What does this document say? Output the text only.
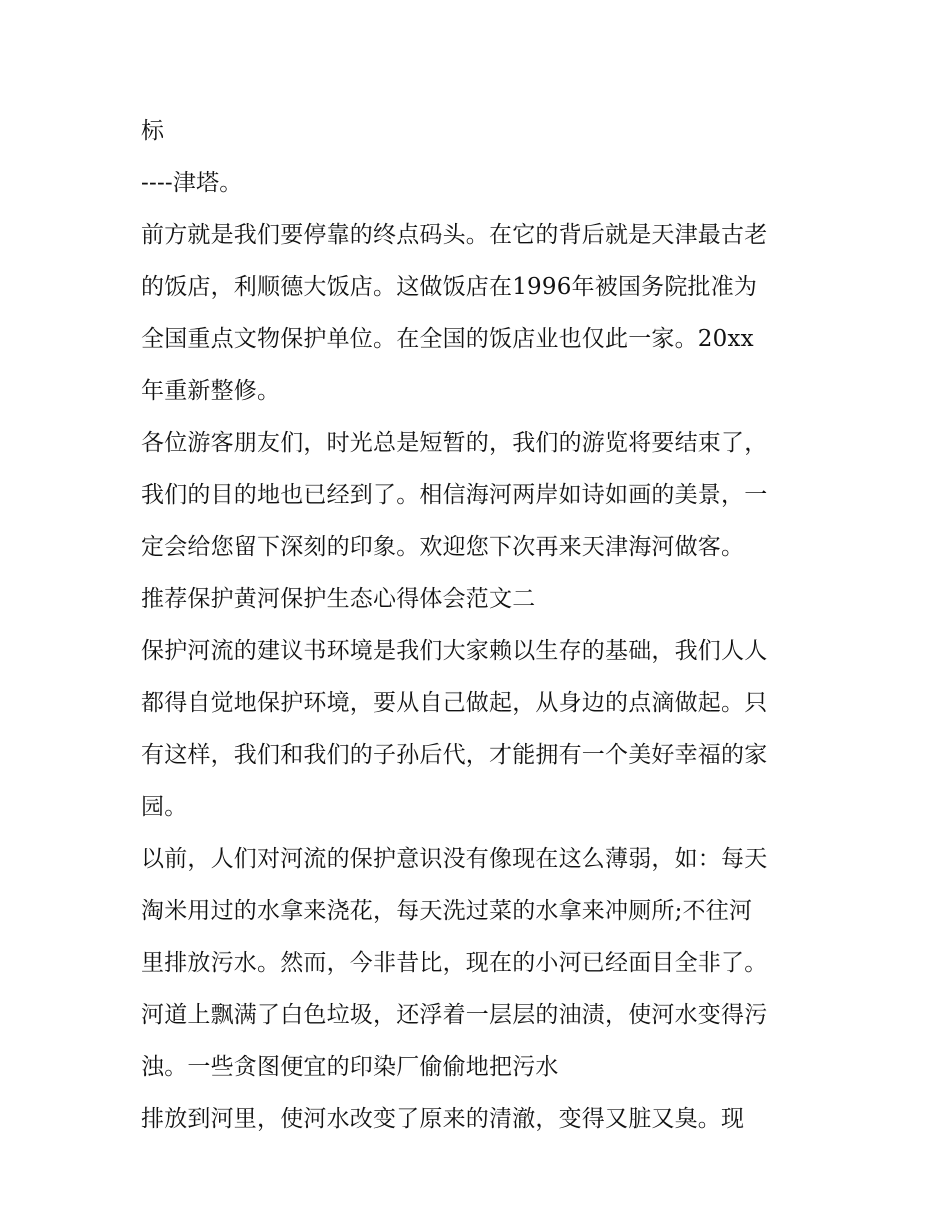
标
----津塔。
前方就是我们要停靠的终点码头。在它的背后就是天津最古老
的饭店，利顺德大饭店。这做饭店在1996年被国务院批准为
全国重点文物保护单位。在全国的饭店业也仅此一家。20xx
年重新整修。
各位游客朋友们，时光总是短暂的，我们的游览将要结束了，
我们的目的地也已经到了。相信海河两岸如诗如画的美景，一
定会给您留下深刻的印象。欢迎您下次再来天津海河做客。
推荐保护黄河保护生态心得体会范文二
保护河流的建议书环境是我们大家赖以生存的基础，我们人人
都得自觉地保护环境，要从自己做起，从身边的点滴做起。只
有这样，我们和我们的子孙后代，才能拥有一个美好幸福的家
园。
以前，人们对河流的保护意识没有像现在这么薄弱，如：每天
淘米用过的水拿来浇花，每天洗过菜的水拿来冲厕所;不往河
里排放污水。然而，今非昔比，现在的小河已经面目全非了。
河道上飘满了白色垃圾，还浮着一层层的油渍，使河水变得污
浊。一些贪图便宜的印染厂偷偷地把污水
排放到河里，使河水改变了原来的清澈，变得又脏又臭。现
